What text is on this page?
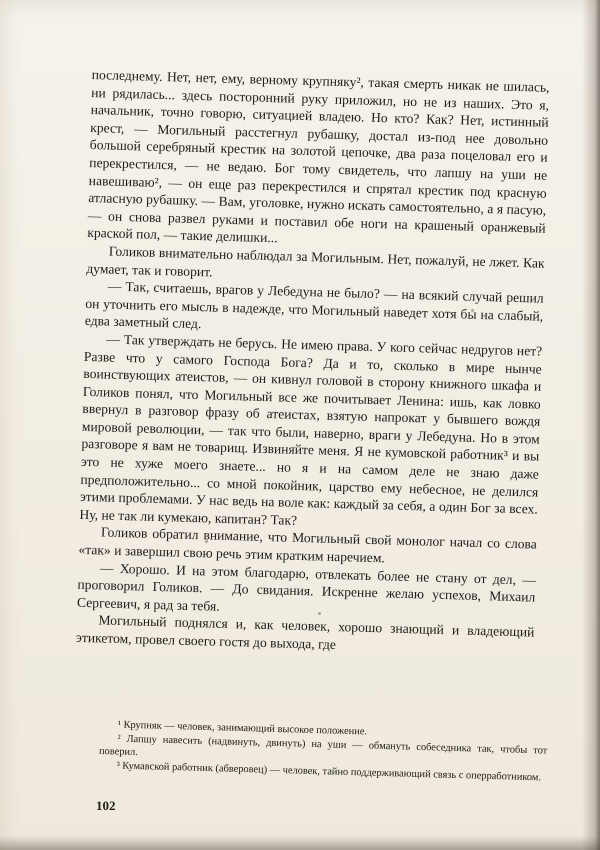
последнему. Нет, нет, ему, верному крупняку², такая смерть никак не шилась, ни рядилась... здесь посторонний руку приложил, но не из наших. Это я, начальник, точно говорю, ситуацией владею. Но кто? Как? Нет, истинный крест, — Могильный расстегнул рубашку, достал из-под нее довольно большой серебряный крестик на золотой цепочке, два раза поцеловал его и перекрестился, — не ведаю. Бог тому свидетель, что лапшу на уши не навешиваю², — он еще раз перекрестился и спрятал крестик под красную атласную рубашку. — Вам, уголовке, нужно искать самостоятельно, а я пасую, — он снова развел руками и поставил обе ноги на крашеный оранжевый краской пол, — такие делишки...

Голиков внимательно наблюдал за Могильным. Нет, пожалуй, не лжет. Как думает, так и говорит.

— Так, считаешь, врагов у Лебедуна не было? — на всякий случай решил он уточнить его мысль в надежде, что Могильный наведет хотя бы на слабый, едва заметный след.

— Так утверждать не берусь. Не имею права. У кого сейчас недругов нет? Разве что у самого Господа Бога? Да и то, сколько в мире нынче воинствующих атеистов, — он кивнул головой в сторону книжного шкафа и Голиков понял, что Могильный все же почитывает Ленина: ишь, как ловко ввернул в разговор фразу об атеистах, взятую напрокат у бывшего вождя мировой революции, — так что были, наверно, враги у Лебедуна. Но в этом разговоре я вам не товарищ. Извиняйте меня. Я не кумовской работник³ и вы это не хуже моего знаете... но я и на самом деле не знаю даже предположительно... со мной покойник, царство ему небесное, не делился этими проблемами. У нас ведь на воле как: каждый за себя, а один Бог за всех. Ну, не так ли кумекаю, капитан? Так?

Голиков обратил внимание, что Могильный свой монолог начал со слова «так» и завершил свою речь этим кратким наречием.

— Хорошо. И на этом благодарю, отвлекать более не стану от дел, — проговорил Голиков. — До свидания. Искренне желаю успехов, Михаил Сергеевич, я рад за тебя.

Могильный поднялся и, как человек, хорошо знающий и владеющий этикетом, провел своего гостя до выхода, где

¹ Крупняк — человек, занимающий высокое положение.

² Лапшу навесить (надвинуть, двинуть) на уши — обмануть собеседника так, чтобы тот поверил.

³ Кумавской работник (абверовец) — человек, тайно поддерживающий связь с оперработником.

102
